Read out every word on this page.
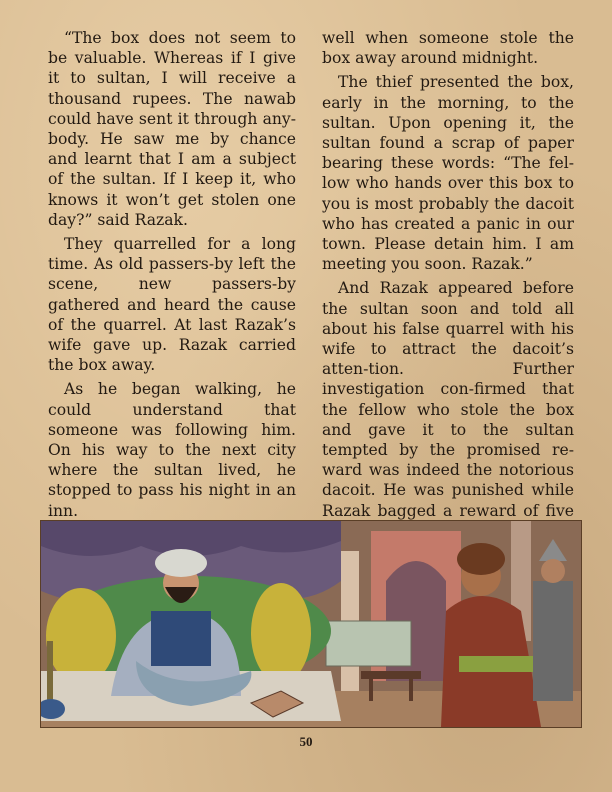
“The box does not seem to be valuable. Whereas if I give it to sultan, I will receive a thousand rupees. The nawab could have sent it through any-body. He saw me by chance and learnt that I am a subject of the sultan. If I keep it, who knows it won’t get stolen one day?” said Razak.

They quarrelled for a long time. As old passers-by left the scene, new passers-by gathered and heard the cause of the quarrel. At last Razak’s wife gave up. Razak carried the box away.

As he began walking, he could understand that someone was following him. On his way to the next city where the sultan lived, he stopped to pass his night in an inn.

well when someone stole the box away around midnight.

The thief presented the box, early in the morning, to the sultan. Upon opening it, the sultan found a scrap of paper bearing these words: “The fel-low who hands over this box to you is most probably the dacoit who has created a panic in our town. Please detain him. I am meeting you soon. Razak.”

And Razak appeared before the sultan soon and told all about his false quarrel with his wife to attract the dacoit’s atten-tion. Further investigation con-firmed that the fellow who stole the box and gave it to the sultan tempted by the promised re-ward was indeed the notorious dacoit. He was punished while Razak bagged a reward of five

50
